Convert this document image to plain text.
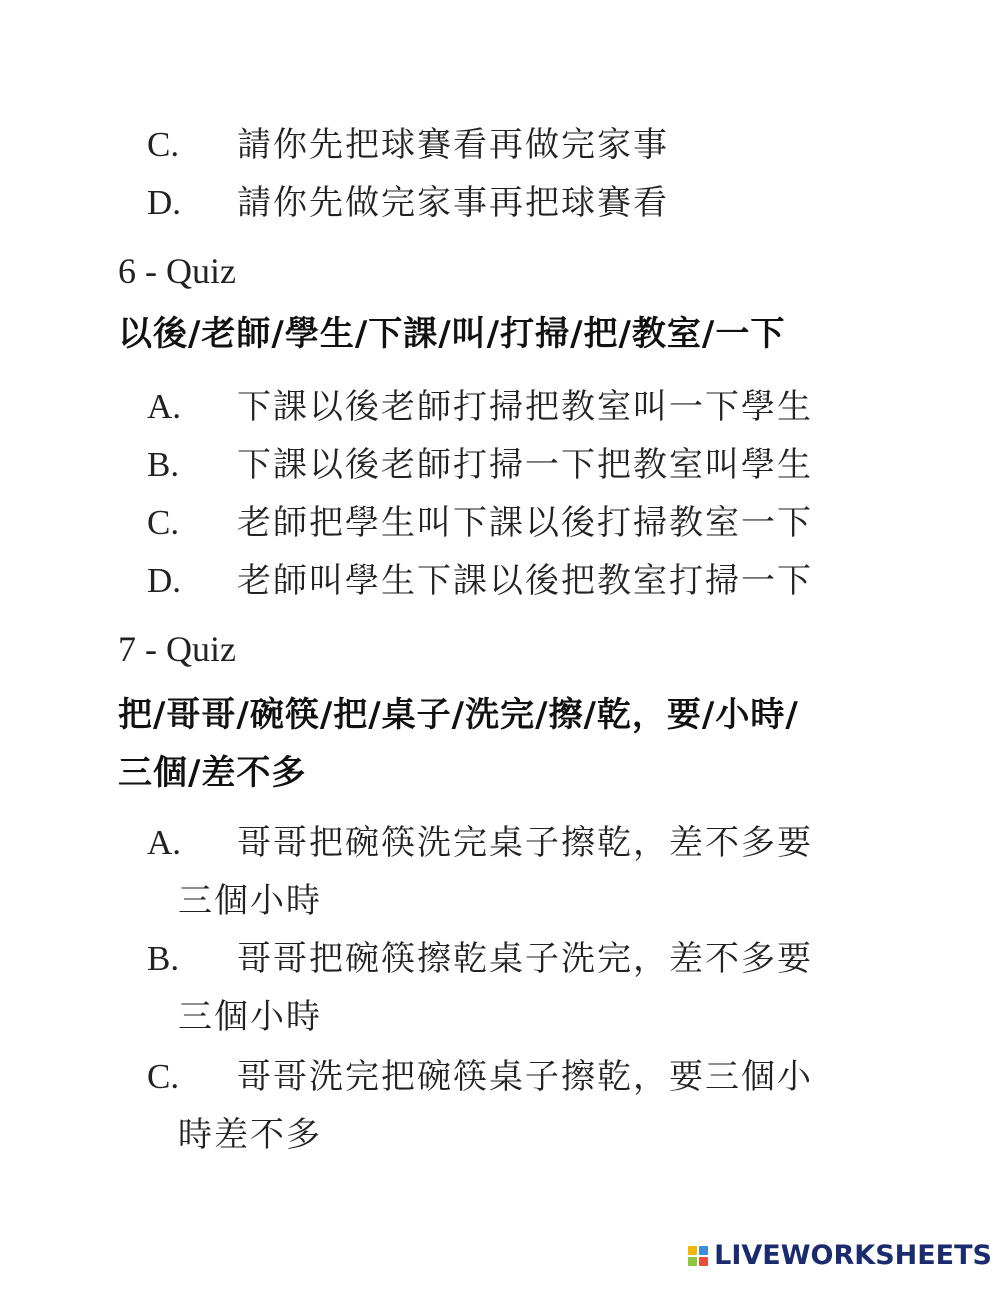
C. 請你先把球賽看再做完家事
D. 請你先做完家事再把球賽看
6 - Quiz
以後/老師/學生/下課/叫/打掃/把/教室/一下
A. 下課以後老師打掃把教室叫一下學生
B. 下課以後老師打掃一下把教室叫學生
C. 老師把學生叫下課以後打掃教室一下
D. 老師叫學生下課以後把教室打掃一下
7 - Quiz
把/哥哥/碗筷/把/桌子/洗完/擦/乾，要/小時/
三個/差不多
A. 哥哥把碗筷洗完桌子擦乾，差不多要
三個小時
B. 哥哥把碗筷擦乾桌子洗完，差不多要
三個小時
C. 哥哥洗完把碗筷桌子擦乾，要三個小
時差不多
LIVEWORKSHEETS
